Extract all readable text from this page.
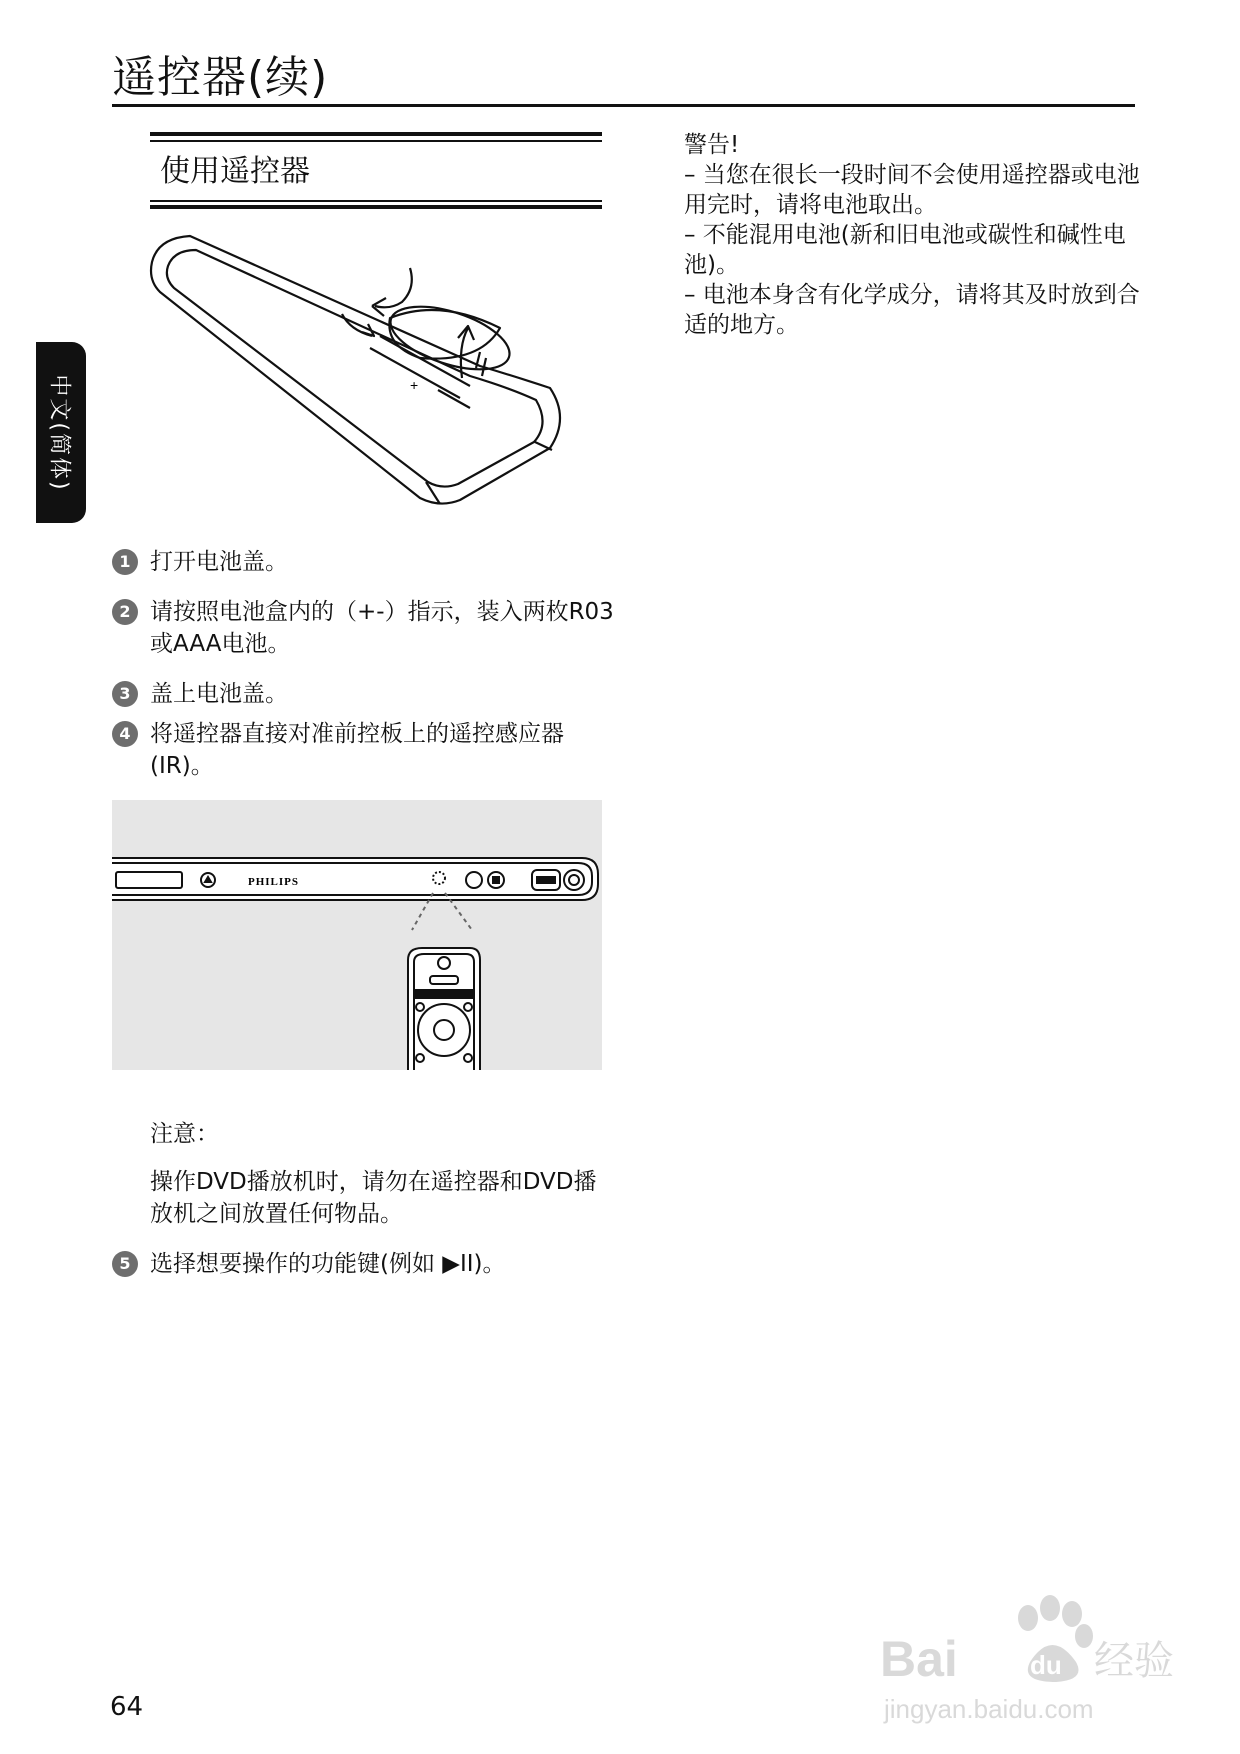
遥控器(续)
中文(简体)
使用遥控器
+
1 打开电池盖。
2 请按照电池盒内的（+-）指示，装入两枚R03或AAA电池。
3 盖上电池盖。
4 将遥控器直接对准前控板上的遥控感应器(IR)。
PHILIPS
注意：
操作DVD播放机时，请勿在遥控器和DVD播放机之间放置任何物品。
5 选择想要操作的功能键(例如 ▶II)。
警告!
– 当您在很长一段时间不会使用遥控器或电池用完时，请将电池取出。
– 不能混用电池(新和旧电池或碳性和碱性电池)。
– 电池本身含有化学成分，请将其及时放到合适的地方。
64
Bai	du 经验
jingyan.baidu.com
